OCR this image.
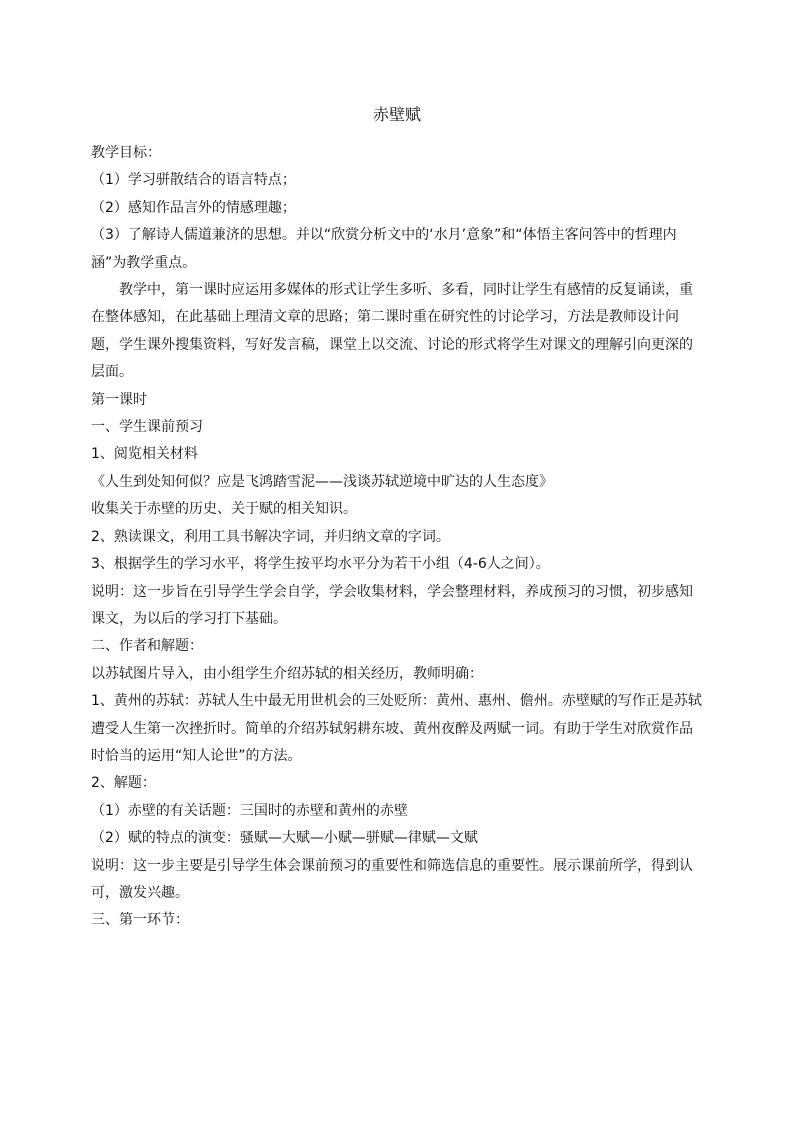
赤壁赋

教学目标：

（1）学习骈散结合的语言特点；

（2）感知作品言外的情感理趣；

（3）了解诗人儒道兼济的思想。并以“欣赏分析文中的‘水月’意象”和“体悟主客问答中的哲理内涵”为教学重点。

教学中，第一课时应运用多媒体的形式让学生多听、多看，同时让学生有感情的反复诵读，重在整体感知，在此基础上理清文章的思路；第二课时重在研究性的讨论学习，方法是教师设计问题，学生课外搜集资料，写好发言稿，课堂上以交流、讨论的形式将学生对课文的理解引向更深的层面。

第一课时

一、学生课前预习

1、阅览相关材料

《人生到处知何似？应是飞鸿踏雪泥——浅谈苏轼逆境中旷达的人生态度》

收集关于赤壁的历史、关于赋的相关知识。

2、熟读课文，利用工具书解决字词，并归纳文章的字词。

3、根据学生的学习水平，将学生按平均水平分为若干小组（4-6人之间）。

说明：这一步旨在引导学生学会自学，学会收集材料，学会整理材料，养成预习的习惯，初步感知课文，为以后的学习打下基础。

二、作者和解题：

以苏轼图片导入，由小组学生介绍苏轼的相关经历，教师明确：

1、黄州的苏轼：苏轼人生中最无用世机会的三处贬所：黄州、惠州、儋州。赤壁赋的写作正是苏轼遭受人生第一次挫折时。简单的介绍苏轼躬耕东坡、黄州夜醉及两赋一词。有助于学生对欣赏作品时恰当的运用“知人论世”的方法。

2、解题：

（1）赤壁的有关话题：三国时的赤壁和黄州的赤壁

（2）赋的特点的演变：骚赋—大赋—小赋—骈赋—律赋—文赋

说明：这一步主要是引导学生体会课前预习的重要性和筛选信息的重要性。展示课前所学，得到认可，激发兴趣。

三、第一环节：
